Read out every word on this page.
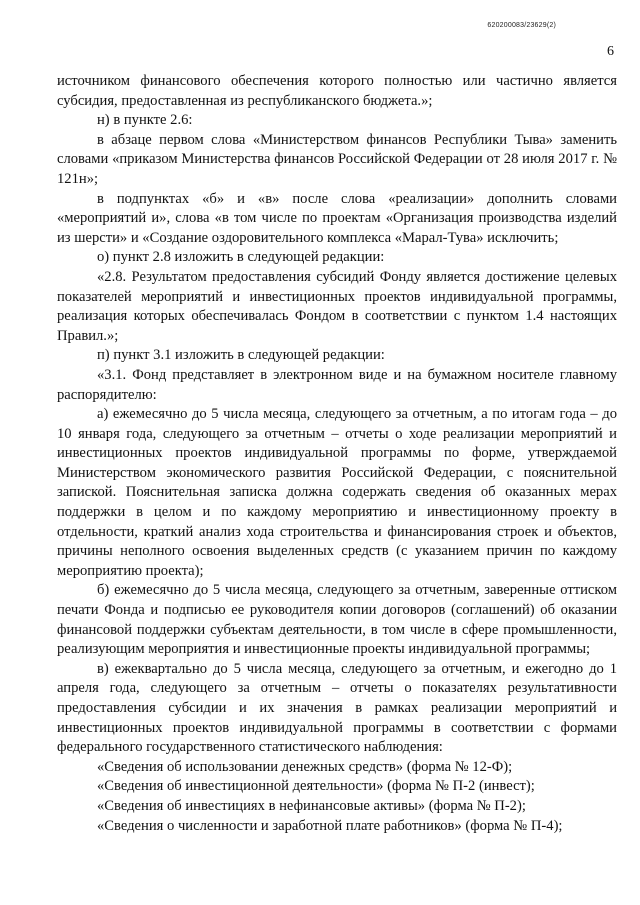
620200083/23629(2)
6

источником финансового обеспечения которого полностью или частично является субсидия, предоставленная из республиканского бюджета.»;

н) в пункте 2.6:

в абзаце первом слова «Министерством финансов Республики Тыва» заменить словами «приказом Министерства финансов Российской Федерации от 28 июля 2017 г. № 121н»;

в подпунктах «б» и «в» после слова «реализации» дополнить словами «мероприятий и», слова «в том числе по проектам «Организация производства изделий из шерсти» и «Создание оздоровительного комплекса «Марал-Тува» исключить;

о) пункт 2.8 изложить в следующей редакции:

«2.8. Результатом предоставления субсидий Фонду является достижение целевых показателей мероприятий и инвестиционных проектов индивидуальной программы, реализация которых обеспечивалась Фондом в соответствии с пунктом 1.4 настоящих Правил.»;

п) пункт 3.1 изложить в следующей редакции:

«3.1. Фонд представляет в электронном виде и на бумажном носителе главному распорядителю:

а) ежемесячно до 5 числа месяца, следующего за отчетным, а по итогам года – до 10 января года, следующего за отчетным – отчеты о ходе реализации мероприятий и инвестиционных проектов индивидуальной программы по форме, утверждаемой Министерством экономического развития Российской Федерации, с пояснительной запиской. Пояснительная записка должна содержать сведения об оказанных мерах поддержки в целом и по каждому мероприятию и инвестиционному проекту в отдельности, краткий анализ хода строительства и финансирования строек и объектов, причины неполного освоения выделенных средств (с указанием причин по каждому мероприятию проекта);

б) ежемесячно до 5 числа месяца, следующего за отчетным, заверенные оттиском печати Фонда и подписью ее руководителя копии договоров (соглашений) об оказании финансовой поддержки субъектам деятельности, в том числе в сфере промышленности, реализующим мероприятия и инвестиционные проекты индивидуальной программы;

в) ежеквартально до 5 числа месяца, следующего за отчетным, и ежегодно до 1 апреля года, следующего за отчетным – отчеты о показателях результативности предоставления субсидии и их значения в рамках реализации мероприятий и инвестиционных проектов индивидуальной программы в соответствии с формами федерального государственного статистического наблюдения:

«Сведения об использовании денежных средств» (форма № 12-Ф);

«Сведения об инвестиционной деятельности» (форма № П-2 (инвест);

«Сведения об инвестициях в нефинансовые активы» (форма № П-2);

«Сведения о численности и заработной плате работников» (форма № П-4);
